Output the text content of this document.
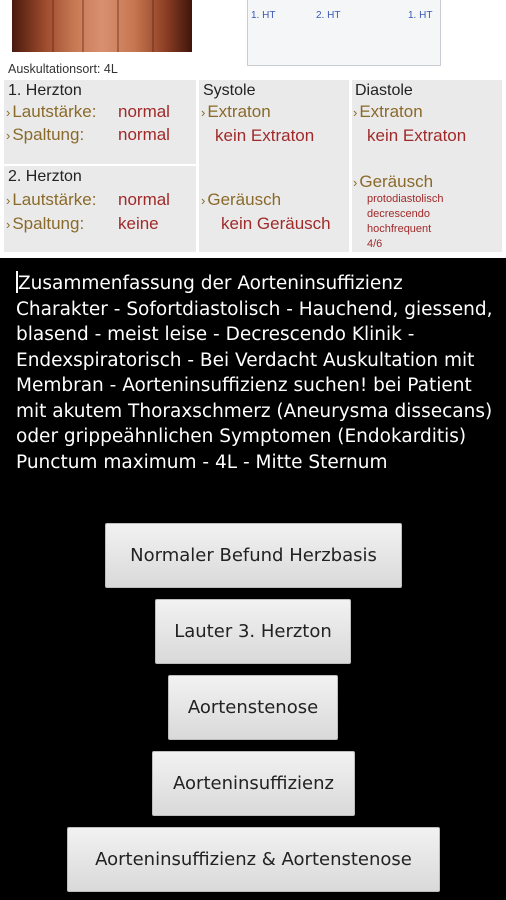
1. HT	2. HT	1. HT
Auskultationsort: 4L
1. Herzton
› Lautstärke: normal
› Spaltung: normal
2. Herzton
› Lautstärke: normal
› Spaltung: keine
Systole
› Extraton
kein Extraton
› Geräusch
kein Geräusch
Diastole
› Extraton
kein Extraton
› Geräusch
protodiastolisch
decrescendo
hochfrequent
4/6
Zusammenfassung der Aorteninsuffizienz Charakter - Sofortdiastolisch - Hauchend, giessend, blasend - meist leise - Decrescendo Klinik - Endexspiratorisch - Bei Verdacht Auskultation mit Membran - Aorteninsuffizienz suchen! bei Patient mit akutem Thoraxschmerz (Aneurysma dissecans) oder grippeähnlichen Symptomen (Endokarditis) Punctum maximum - 4L - Mitte Sternum
Normaler Befund Herzbasis
Lauter 3. Herzton
Aortenstenose
Aorteninsuffizienz
Aorteninsuffizienz & Aortenstenose
